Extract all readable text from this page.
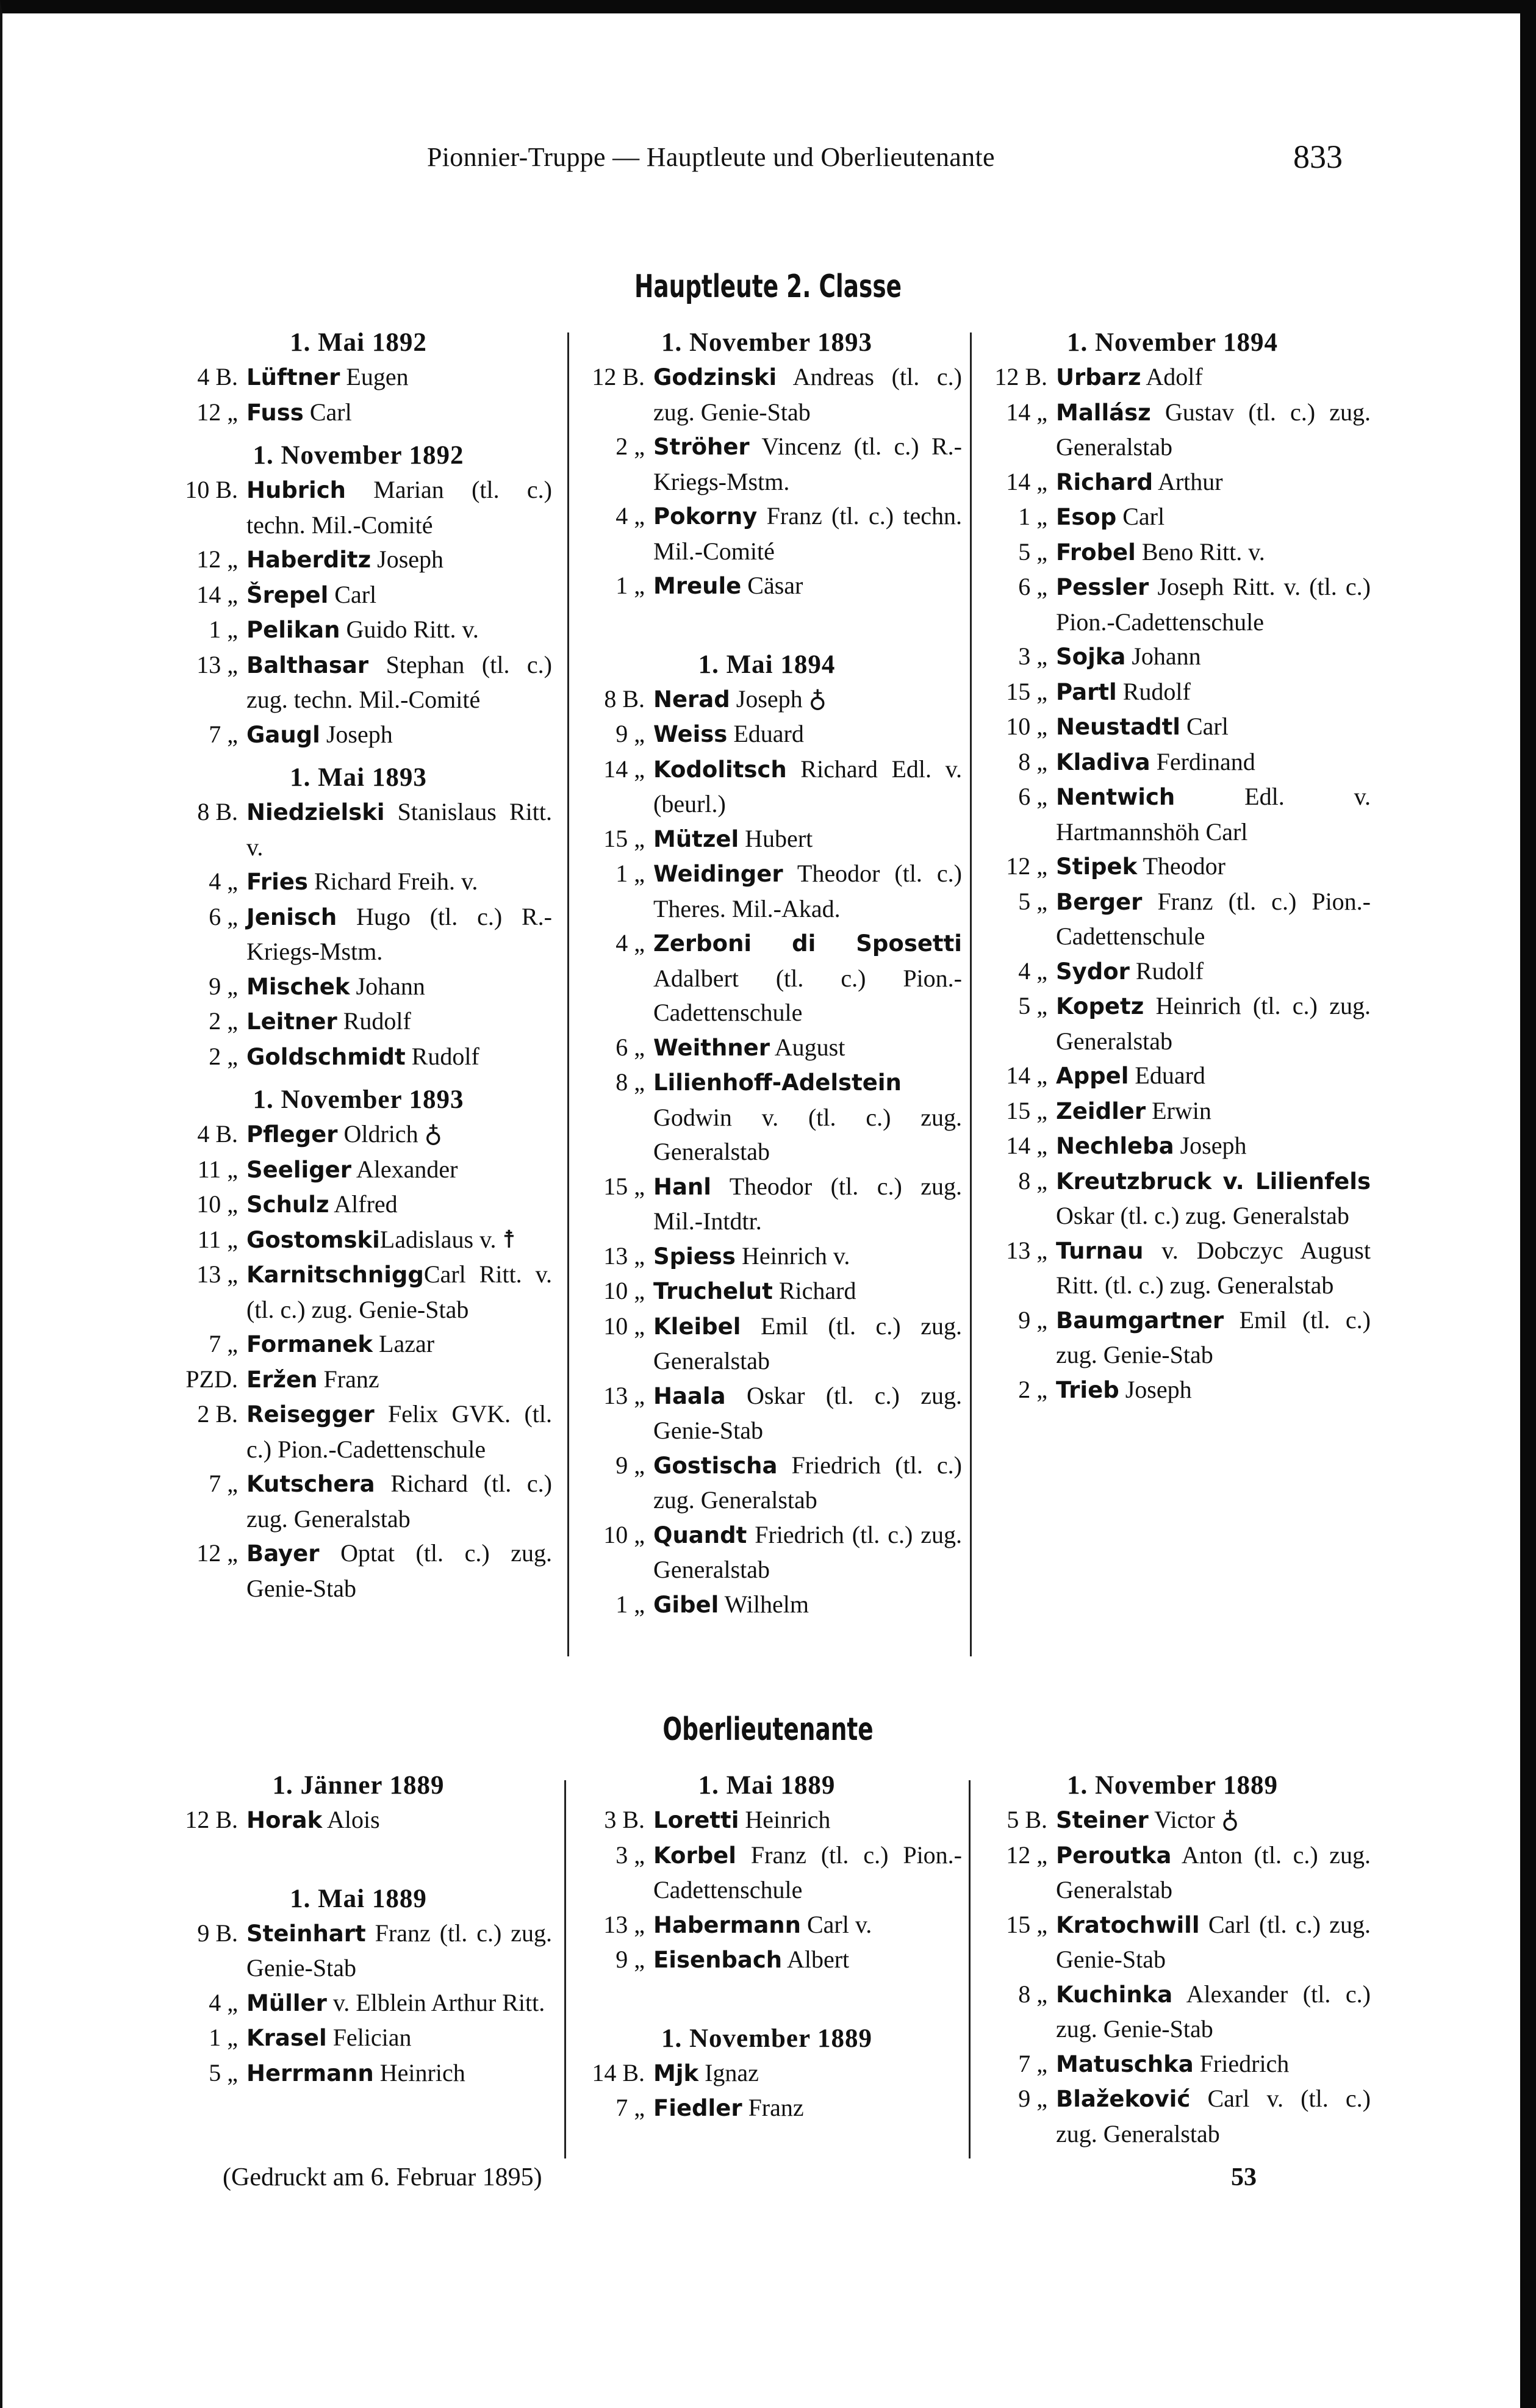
Pionnier-Truppe — Hauptleute und Oberlieutenante	833
Hauptleute 2. Classe
1. Mai 1892
4 B. Lüftner Eugen
12 „ Fuss Carl
1. November 1892
10 B. Hubrich Marian (tl. c.) techn. Mil.-Comité
12 „ Haberditz Joseph
14 „ Šrepel Carl
1 „ Pelikan Guido Ritt. v.
13 „ Balthasar Stephan (tl. c.) zug. techn. Mil.-Comité
7 „ Gaugl Joseph
1. Mai 1893
8 B. Niedzielski Stanislaus Ritt. v.
4 „ Fries Richard Freih. v.
6 „ Jenisch Hugo (tl. c.) R.-Kriegs-Mstm.
9 „ Mischek Johann
2 „ Leitner Rudolf
2 „ Goldschmidt Rudolf
1. November 1893
4 B. Pfleger Oldrich ♁
11 „ Seeliger Alexander
10 „ Schulz Alfred
11 „ GostomskiLadislaus v. ☨
13 „ KarnitschniggCarl Ritt. v. (tl. c.) zug. Genie-Stab
7 „ Formanek Lazar
PZD. Eržen Franz
2 B. Reisegger Felix GVK. (tl. c.) Pion.-Cadettenschule
7 „ Kutschera Richard (tl. c.) zug. Generalstab
12 „ Bayer Optat (tl. c.) zug. Genie-Stab
1. November 1893
12 B. Godzinski Andreas (tl. c.) zug. Genie-Stab
2 „ Ströher Vincenz (tl. c.) R.-Kriegs-Mstm.
4 „ Pokorny Franz (tl. c.) techn. Mil.-Comité
1 „ Mreule Cäsar
1. Mai 1894
8 B. Nerad Joseph ♁
9 „ Weiss Eduard
14 „ Kodolitsch Richard Edl. v. (beurl.)
15 „ Mützel Hubert
1 „ Weidinger Theodor (tl. c.) Theres. Mil.-Akad.
4 „ Zerboni di Sposetti Adalbert (tl. c.) Pion.-Cadettenschule
6 „ Weithner August
8 „ Lilienhoff-Adelstein Godwin v. (tl. c.) zug. Generalstab
15 „ Hanl Theodor (tl. c.) zug. Mil.-Intdtr.
13 „ Spiess Heinrich v.
10 „ Truchelut Richard
10 „ Kleibel Emil (tl. c.) zug. Generalstab
13 „ Haala Oskar (tl. c.) zug. Genie-Stab
9 „ Gostischa Friedrich (tl. c.) zug. Generalstab
10 „ Quandt Friedrich (tl. c.) zug. Generalstab
1 „ Gibel Wilhelm
1. November 1894
12 B. Urbarz Adolf
14 „ Mallász Gustav (tl. c.) zug. Generalstab
14 „ Richard Arthur
1 „ Esop Carl
5 „ Frobel Beno Ritt. v.
6 „ Pessler Joseph Ritt. v. (tl. c.) Pion.-Cadettenschule
3 „ Sojka Johann
15 „ Partl Rudolf
10 „ Neustadtl Carl
8 „ Kladiva Ferdinand
6 „ Nentwich Edl. v. Hartmannshöh Carl
12 „ Stipek Theodor
5 „ Berger Franz (tl. c.) Pion.-Cadettenschule
4 „ Sydor Rudolf
5 „ Kopetz Heinrich (tl. c.) zug. Generalstab
14 „ Appel Eduard
15 „ Zeidler Erwin
14 „ Nechleba Joseph
8 „ Kreutzbruck v. Lilienfels Oskar (tl. c.) zug. Generalstab
13 „ Turnau v. Dobczyc August Ritt. (tl. c.) zug. Generalstab
9 „ Baumgartner Emil (tl. c.) zug. Genie-Stab
2 „ Trieb Joseph
Oberlieutenante
1. Jänner 1889
12 B. Horak Alois
1. Mai 1889
9 B. Steinhart Franz (tl. c.) zug. Genie-Stab
4 „ Müller v. Elblein Arthur Ritt.
1 „ Krasel Felician
5 „ Herrmann Heinrich
1. Mai 1889
3 B. Loretti Heinrich
3 „ Korbel Franz (tl. c.) Pion.-Cadettenschule
13 „ Habermann Carl v.
9 „ Eisenbach Albert
1. November 1889
14 B. Mjk Ignaz
7 „ Fiedler Franz
1. November 1889
5 B. Steiner Victor ♁
12 „ Peroutka Anton (tl. c.) zug. Generalstab
15 „ Kratochwill Carl (tl. c.) zug. Genie-Stab
8 „ Kuchinka Alexander (tl. c.) zug. Genie-Stab
7 „ Matuschka Friedrich
9 „ Blažeković Carl v. (tl. c.) zug. Generalstab
(Gedruckt am 6. Februar 1895)	53
